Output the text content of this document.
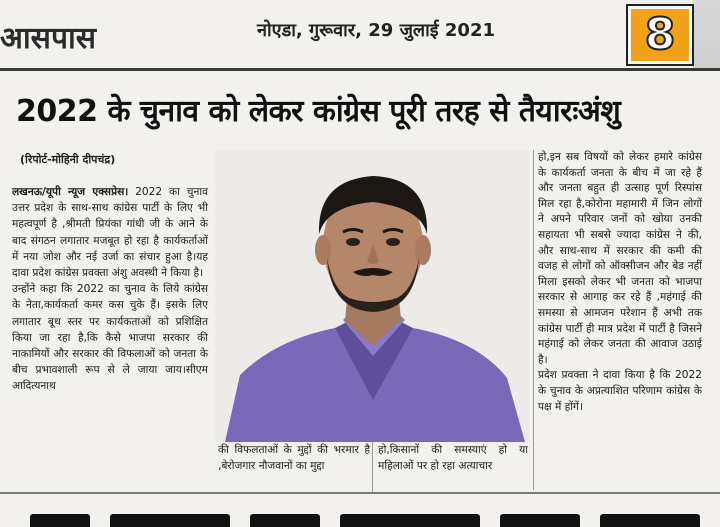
आसपास	नोएडा, गुरूवार, 29 जुलाई 2021	8
2022 के चुनाव को लेकर कांग्रेस पूरी तरह से तैयारःअंशु
(रिपोर्ट-मोहिनी दीपचंद्र)

लखनऊ/यूपी न्यूज एक्सप्रेस। 2022 का चुनाव उत्तर प्रदेश के साथ-साथ कांग्रेस पार्टी के लिए भी महत्वपूर्ण है ,श्रीमती प्रियंका गांधी जी के आने के बाद संगठन लगातार मजबूत हो रहा है कार्यकर्ताओं में नया जोश और नई उर्जा का संचार हुआ है।यह दावा प्रदेश कांग्रेस प्रवक्ता अंशु अवस्थी ने किया है।

उन्होंने कहा कि 2022 का चुनाव के लिये कांग्रेस के नेता,कार्यकर्ता कमर कस चुके हैं। इसके लिए लगातार बूथ स्तर पर कार्यकताओं को प्रशिक्षित किया जा रहा है,कि कैसे भाजपा सरकार की नाकामियों और सरकार की विफलाओं को जनता के बीच प्रभावशाली रूप से ले जाया जाय।सीएम आदित्यनाथ

की विफलताओं के मुद्दों की भरमार है ,बेरोजगार नौजवानों का मुद्दा

हो,किसानों की समस्याएं हो या महिलाओं पर हो रहा अत्याचार

हो,इन सब विषयों को लेकर हमारे कांग्रेस के कार्यकर्ता जनता के बीच में जा रहे हैं और जनता बहुत ही उत्साह पूर्ण रिस्पांस मिल रहा है,कोरोना महामारी में जिन लोगों ने अपने परिवार जनों को खोया उनकी सहायता भी सबसे ज्यादा कांग्रेस ने की, और साथ-साथ में सरकार की कमी की वजह से लोगों को ऑक्सीजन और बेड नहीं मिला इसको लेकर भी जनता को भाजपा सरकार से आगाह कर रहे हैं ,महंगाई की समस्या से आमजन परेशान हैं अभी तक कांग्रेस पार्टी ही मात्र प्रदेश में पार्टी है जिसने महंगाई को लेकर जनता की आवाज उठाई है।

प्रदेश प्रवक्ता ने दावा किया है कि 2022 के चुनाव के अप्रत्याशित परिणाम कांग्रेस के पक्ष में होंगें।
